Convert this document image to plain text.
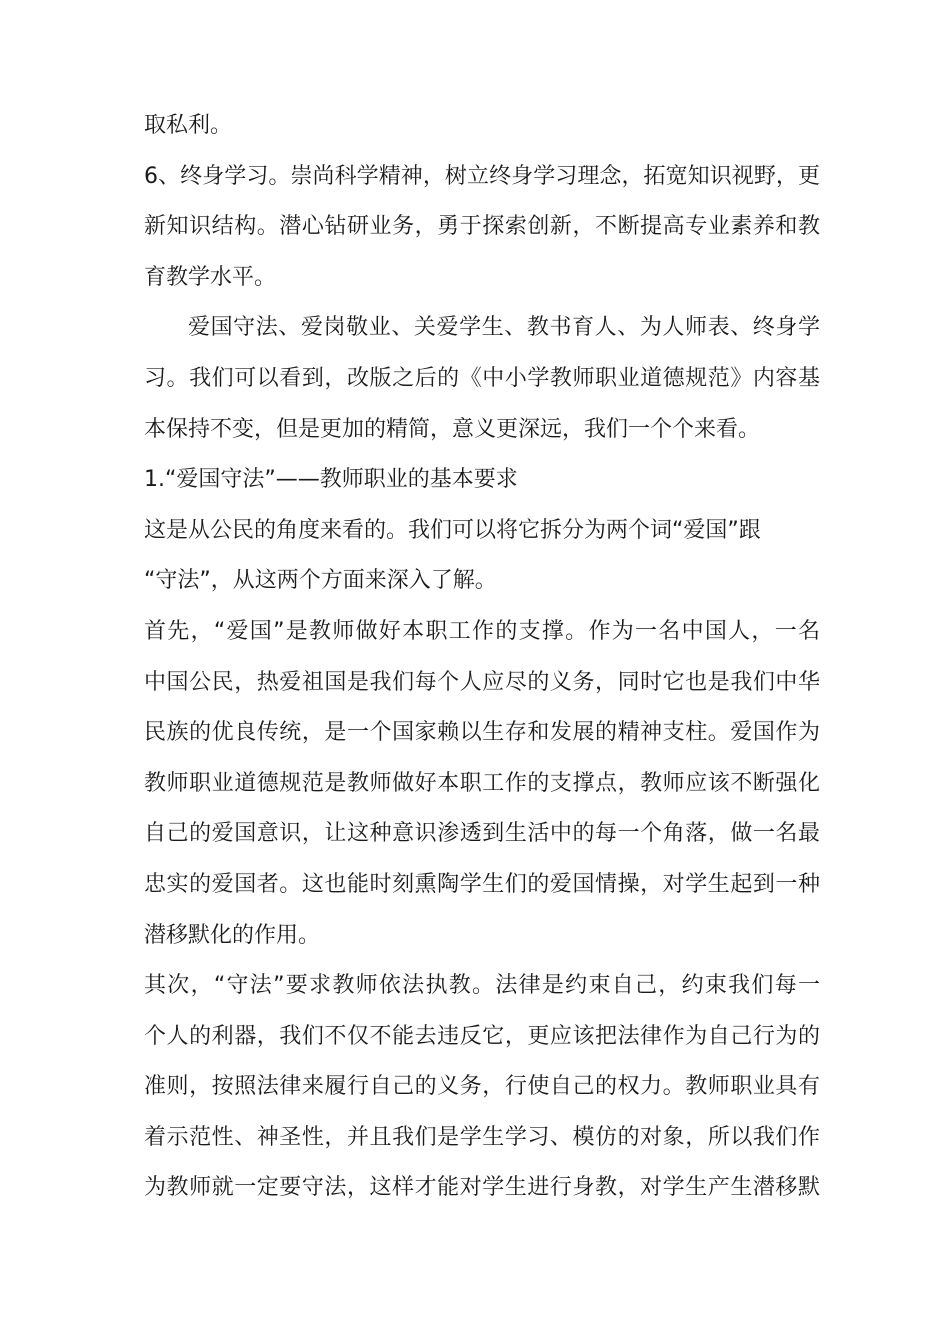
取私利。
6、终身学习。崇尚科学精神，树立终身学习理念，拓宽知识视野，更
新知识结构。潜心钻研业务，勇于探索创新，不断提高专业素养和教
育教学水平。
爱国守法、爱岗敬业、关爱学生、教书育人、为人师表、终身学
习。我们可以看到，改版之后的《中小学教师职业道德规范》内容基
本保持不变，但是更加的精简，意义更深远，我们一个个来看。
1.“爱国守法”——教师职业的基本要求
这是从公民的角度来看的。我们可以将它拆分为两个词“爱国”跟
“守法”，从这两个方面来深入了解。
首先，“爱国”是教师做好本职工作的支撑。作为一名中国人，一名
中国公民，热爱祖国是我们每个人应尽的义务，同时它也是我们中华
民族的优良传统，是一个国家赖以生存和发展的精神支柱。爱国作为
教师职业道德规范是教师做好本职工作的支撑点，教师应该不断强化
自己的爱国意识，让这种意识渗透到生活中的每一个角落，做一名最
忠实的爱国者。这也能时刻熏陶学生们的爱国情操，对学生起到一种
潜移默化的作用。
其次，“守法”要求教师依法执教。法律是约束自己，约束我们每一
个人的利器，我们不仅不能去违反它，更应该把法律作为自己行为的
准则，按照法律来履行自己的义务，行使自己的权力。教师职业具有
着示范性、神圣性，并且我们是学生学习、模仿的对象，所以我们作
为教师就一定要守法，这样才能对学生进行身教，对学生产生潜移默
